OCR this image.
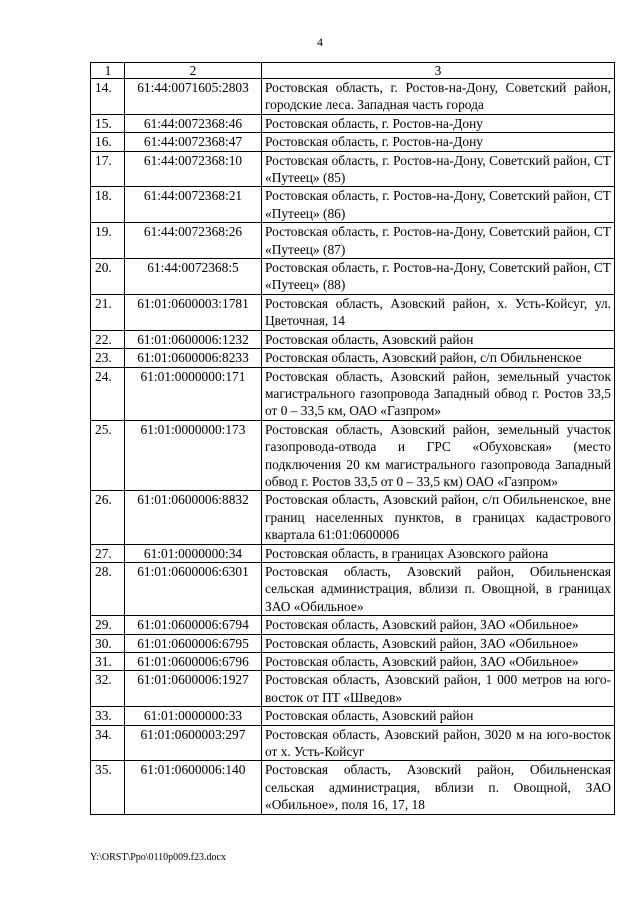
4
1	2	3
14.	61:44:0071605:2803	Ростовская область, г. Ростов-на-Дону, Советский район, городские леса. Западная часть города
15.	61:44:0072368:46	Ростовская область, г. Ростов-на-Дону
16.	61:44:0072368:47	Ростовская область, г. Ростов-на-Дону
17.	61:44:0072368:10	Ростовская область, г. Ростов-на-Дону, Советский район, СТ «Путеец» (85)
18.	61:44:0072368:21	Ростовская область, г. Ростов-на-Дону, Советский район, СТ «Путеец» (86)
19.	61:44:0072368:26	Ростовская область, г. Ростов-на-Дону, Советский район, СТ «Путеец» (87)
20.	61:44:0072368:5	Ростовская область, г. Ростов-на-Дону, Советский район, СТ «Путеец» (88)
21.	61:01:0600003:1781	Ростовская область, Азовский район, х. Усть-Койсуг, ул. Цветочная, 14
22.	61:01:0600006:1232	Ростовская область, Азовский район
23.	61:01:0600006:8233	Ростовская область, Азовский район, с/п Обильненское
24.	61:01:0000000:171	Ростовская область, Азовский район, земельный участок магистрального газопровода Западный обвод г. Ростов 33,5 от 0 – 33,5 км, ОАО «Газпром»
25.	61:01:0000000:173	Ростовская область, Азовский район, земельный участок газопровода-отвода и ГРС «Обуховская» (место подключения 20 км магистрального газопровода Западный обвод г. Ростов 33,5 от 0 – 33,5 км) ОАО «Газпром»
26.	61:01:0600006:8832	Ростовская область, Азовский район, с/п Обильненское, вне границ населенных пунктов, в границах кадастрового квартала 61:01:0600006
27.	61:01:0000000:34	Ростовская область, в границах Азовского района
28.	61:01:0600006:6301	Ростовская область, Азовский район, Обильненская сельская администрация, вблизи п. Овощной, в границах ЗАО «Обильное»
29.	61:01:0600006:6794	Ростовская область, Азовский район, ЗАО «Обильное»
30.	61:01:0600006:6795	Ростовская область, Азовский район, ЗАО «Обильное»
31.	61:01:0600006:6796	Ростовская область, Азовский район, ЗАО «Обильное»
32.	61:01:0600006:1927	Ростовская область, Азовский район, 1 000 метров на юго-восток от ПТ «Шведов»
33.	61:01:0000000:33	Ростовская область, Азовский район
34.	61:01:0600003:297	Ростовская область, Азовский район, 3020 м на юго-восток от х. Усть-Койсуг
35.	61:01:0600006:140	Ростовская область, Азовский район, Обильненская сельская администрация, вблизи п. Овощной, ЗАО «Обильное», поля 16, 17, 18
Y:\ORST\Ppo\0110p009.f23.docx
